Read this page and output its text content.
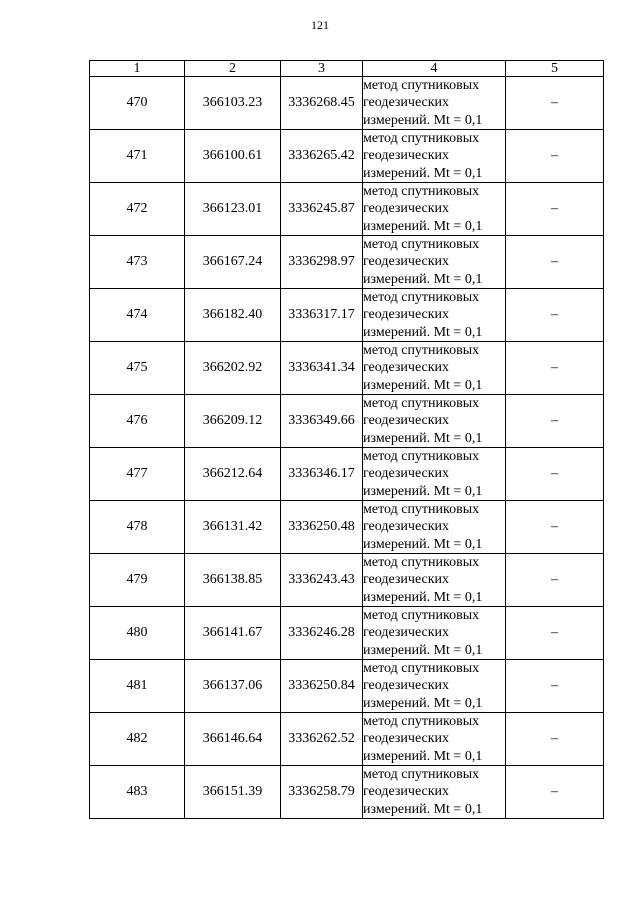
121
1	2	3	4	5
470	366103.23	3336268.45	метод спутниковых
геодезических
измерений. Mt = 0,1	–
471	366100.61	3336265.42	метод спутниковых
геодезических
измерений. Mt = 0,1	–
472	366123.01	3336245.87	метод спутниковых
геодезических
измерений. Mt = 0,1	–
473	366167.24	3336298.97	метод спутниковых
геодезических
измерений. Mt = 0,1	–
474	366182.40	3336317.17	метод спутниковых
геодезических
измерений. Mt = 0,1	–
475	366202.92	3336341.34	метод спутниковых
геодезических
измерений. Mt = 0,1	–
476	366209.12	3336349.66	метод спутниковых
геодезических
измерений. Mt = 0,1	–
477	366212.64	3336346.17	метод спутниковых
геодезических
измерений. Mt = 0,1	–
478	366131.42	3336250.48	метод спутниковых
геодезических
измерений. Mt = 0,1	–
479	366138.85	3336243.43	метод спутниковых
геодезических
измерений. Mt = 0,1	–
480	366141.67	3336246.28	метод спутниковых
геодезических
измерений. Mt = 0,1	–
481	366137.06	3336250.84	метод спутниковых
геодезических
измерений. Mt = 0,1	–
482	366146.64	3336262.52	метод спутниковых
геодезических
измерений. Mt = 0,1	–
483	366151.39	3336258.79	метод спутниковых
геодезических
измерений. Mt = 0,1	–
